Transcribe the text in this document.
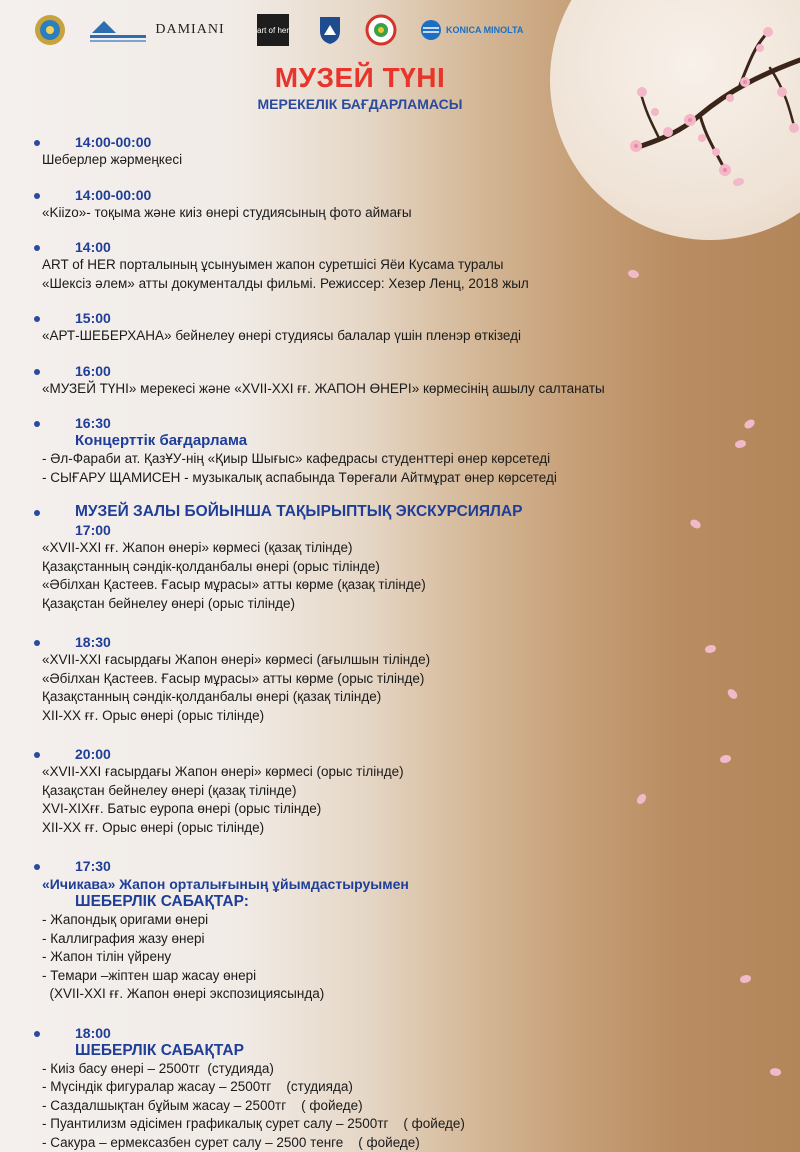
DAMIANI	art of her	KONICA MINOLTA
МУЗЕЙ ТҮНІ
МЕРЕКЕЛІК БАҒДАРЛАМАСЫ
14:00-00:00
Шеберлер жәрмеңкесі
14:00-00:00
«Kiizo»- тоқыма және киіз өнері студиясының фото аймағы
14:00
ART of HER порталының ұсынуымен жапон суретшісі Яёи Кусама туралы
«Шексіз әлем» атты документалды фильмі. Режиссер: Хезер Ленц, 2018 жыл
15:00
«АРТ-ШЕБЕРХАНА» бейнелеу өнері студиясы балалар үшін пленэр өткізеді
16:00
«МУЗЕЙ ТҮНІ» мерекесі және «XVII-XXI ғғ. ЖАПОН ӨНЕРІ» көрмесінің ашылу салтанаты
16:30
Концерттік бағдарлама
- Әл-Фараби ат. ҚазҰУ-нің «Қиыр Шығыс» кафедрасы студенттері өнер көрсетеді
- СЫҒАРУ ЩАМИСЕН - музыкалық аспабында Төреғали Айтмұрат өнер көрсетеді
МУЗЕЙ ЗАЛЫ БОЙЫНША ТАҚЫРЫПТЫҚ ЭКСКУРСИЯЛАР
17:00
«XVII-XXI ғғ. Жапон өнері» көрмесі (қазақ тілінде)
Қазақстанның сәндік-қолданбалы өнері (орыс тілінде)
«Әбілхан Қастеев. Ғасыр мұрасы» атты көрме (қазақ тілінде)
Қазақстан бейнелеу өнері (орыс тілінде)
18:30
«XVII-XXI ғасырдағы Жапон өнері» көрмесі (ағылшын тілінде)
«Әбілхан Қастеев. Ғасыр мұрасы» атты көрме (орыс тілінде)
Қазақстанның сәндік-қолданбалы өнері (қазақ тілінде)
XII-XX ғғ. Орыс өнері (орыс тілінде)
20:00
«XVII-XXI ғасырдағы Жапон өнері» көрмесі (орыс тілінде)
Қазақстан бейнелеу өнері (қазақ тілінде)
XVI-XIXғғ. Батыс еуропа өнері (орыс тілінде)
XII-XX ғғ. Орыс өнері (орыс тілінде)
17:30
«Ичикава» Жапон орталығының ұйымдастыруымен
ШЕБЕРЛІК САБАҚТАР:
- Жапондық оригами өнері
- Каллиграфия жазу өнері
- Жапон тілін үйрену
- Темари –жіптен шар жасау өнері
(XVII-XXI ғғ. Жапон өнері экспозициясында)
18:00
ШЕБЕРЛІК САБАҚТАР
- Киіз басу өнері – 2500тг  (студияда)
- Мүсіндік фигуралар жасау – 2500тг    (студияда)
- Саздалшықтан бұйым жасау – 2500тг    ( фойеде)
- Пуантилизм әдісімен графикалық сурет салу – 2500тг    ( фойеде)
- Сакура – ермексазбен сурет салу – 2500 тенге    ( фойеде)
